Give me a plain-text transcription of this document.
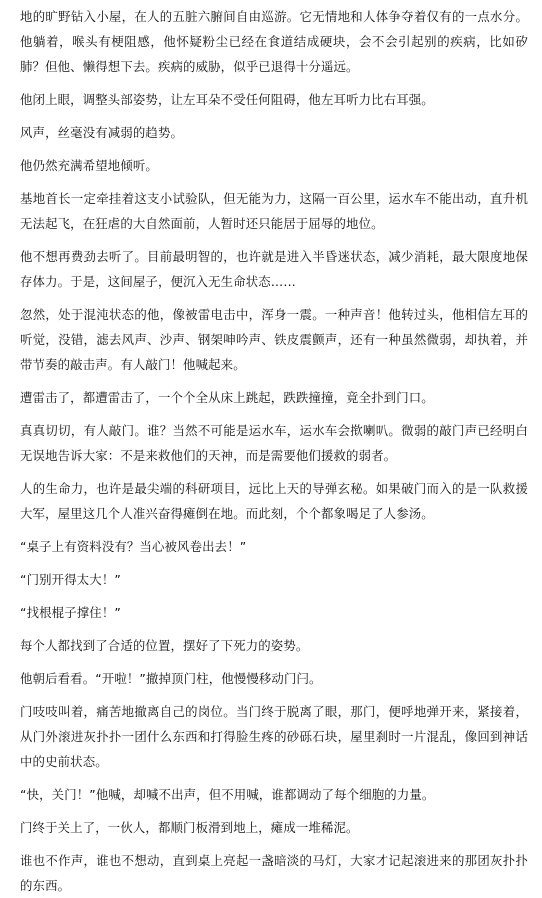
地的旷野钻入小屋，在人的五脏六腑间自由巡游。它无情地和人体争夺着仅有的一点水分。他躺着，喉头有梗阻感，他怀疑粉尘已经在食道结成硬块，会不会引起别的疾病，比如矽肺？但他、懒得想下去。疾病的威胁，似乎已退得十分遥远。

他闭上眼，调整头部姿势，让左耳朵不受任何阻碍，他左耳听力比右耳强。

风声，丝毫没有减弱的趋势。

他仍然充满希望地倾听。

基地首长一定牵挂着这支小试验队，但无能为力，这隔一百公里，运水车不能出动，直升机无法起飞，在狂虐的大自然面前，人暂时还只能居于屈辱的地位。

他不想再费劲去听了。目前最明智的，也许就是进入半昏迷状态，减少消耗，最大限度地保存体力。于是，这间屋子，便沉入无生命状态……

忽然，处于混沌状态的他，像被雷电击中，浑身一震。一种声音！他转过头，他相信左耳的听觉，没错，滤去风声、沙声、钢架呻吟声、铁皮震颤声，还有一种虽然微弱，却执着，并带节奏的敲击声。有人敲门！他喊起来。

遭雷击了，都遭雷击了，一个个全从床上跳起，跌跌撞撞，竟全扑到门口。

真真切切，有人敲门。谁？当然不可能是运水车，运水车会揿喇叭。微弱的敲门声已经明白无误地告诉大家：不是来救他们的天神，而是需要他们援救的弱者。

人的生命力，也许是最尖端的科研项目，远比上天的导弹玄秘。如果破门而入的是一队救援大军，屋里这几个人准兴奋得瘫倒在地。而此刻，个个都象喝足了人参汤。

“桌子上有资料没有？当心被风卷出去！”

“门别开得太大！”

“找根棍子撑住！”

每个人都找到了合适的位置，摆好了下死力的姿势。

他朝后看看。“开啦！”撤掉顶门柱，他慢慢移动门闩。

门吱吱叫着，痛苦地撤离自己的岗位。当门终于脱离了眼，那门，便呼地弹开来，紧接着，从门外滚进灰扑扑一团什么东西和打得脸生疼的砂砾石块，屋里刹时一片混乱，像回到神话中的史前状态。

“快，关门！”他喊，却喊不出声，但不用喊，谁都调动了每个细胞的力量。

门终于关上了，一伙人，都顺门板滑到地上，瘫成一堆稀泥。

谁也不作声，谁也不想动，直到桌上亮起一盏暗淡的马灯，大家才记起滚进来的那团灰扑扑的东西。
